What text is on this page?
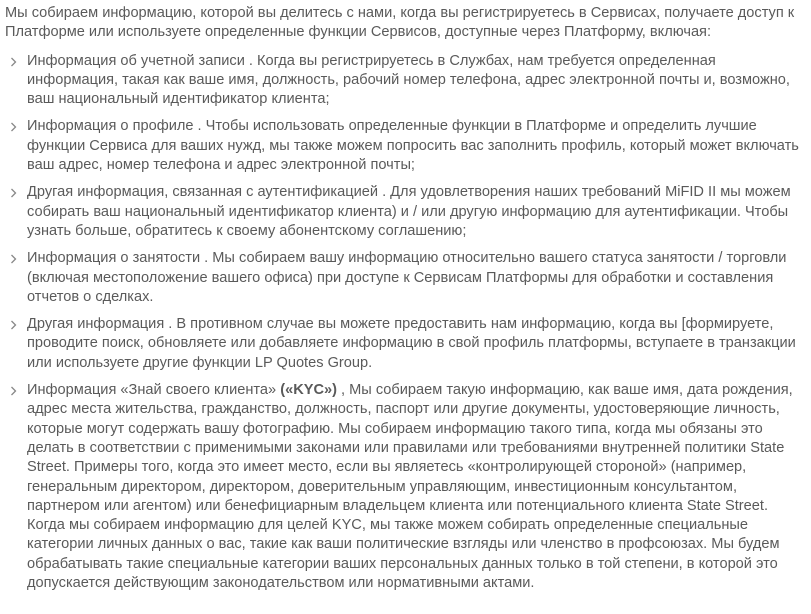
Мы собираем информацию, которой вы делитесь с нами, когда вы регистрируетесь в Сервисах, получаете доступ к Платформе или используете определенные функции Сервисов, доступные через Платформу, включая:

Информация об учетной записи . Когда вы регистрируетесь в Службах, нам требуется определенная информация, такая как ваше имя, должность, рабочий номер телефона, адрес электронной почты и, возможно, ваш национальный идентификатор клиента;
Информация о профиле . Чтобы использовать определенные функции в Платформе и определить лучшие функции Сервиса для ваших нужд, мы также можем попросить вас заполнить профиль, который может включать ваш адрес, номер телефона и адрес электронной почты;
Другая информация, связанная с аутентификацией . Для удовлетворения наших требований MiFID II мы можем собирать ваш национальный идентификатор клиента) и / или другую информацию для аутентификации. Чтобы узнать больше, обратитесь к своему абонентскому соглашению;
Информация о занятости . Мы собираем вашу информацию относительно вашего статуса занятости / торговли (включая местоположение вашего офиса) при доступе к Сервисам Платформы для обработки и составления отчетов о сделках.
Другая информация . В противном случае вы можете предоставить нам информацию, когда вы [формируете, проводите поиск, обновляете или добавляете информацию в свой профиль платформы, вступаете в транзакции или используете другие функции LP Quotes Group.
Информация «Знай своего клиента» («KYC») , Мы собираем такую информацию, как ваше имя, дата рождения, адрес места жительства, гражданство, должность, паспорт или другие документы, удостоверяющие личность, которые могут содержать вашу фотографию. Мы собираем информацию такого типа, когда мы обязаны это делать в соответствии с применимыми законами или правилами или требованиями внутренней политики State Street. Примеры того, когда это имеет место, если вы являетесь «контролирующей стороной» (например, генеральным директором, директором, доверительным управляющим, инвестиционным консультантом, партнером или агентом) или бенефициарным владельцем клиента или потенциального клиента State Street. Когда мы собираем информацию для целей KYC, мы также можем собирать определенные специальные категории личных данных о вас, такие как ваши политические взгляды или членство в профсоюзах. Мы будем обрабатывать такие специальные категории ваших персональных данных только в той степени, в которой это допускается действующим законодательством или нормативными актами.
